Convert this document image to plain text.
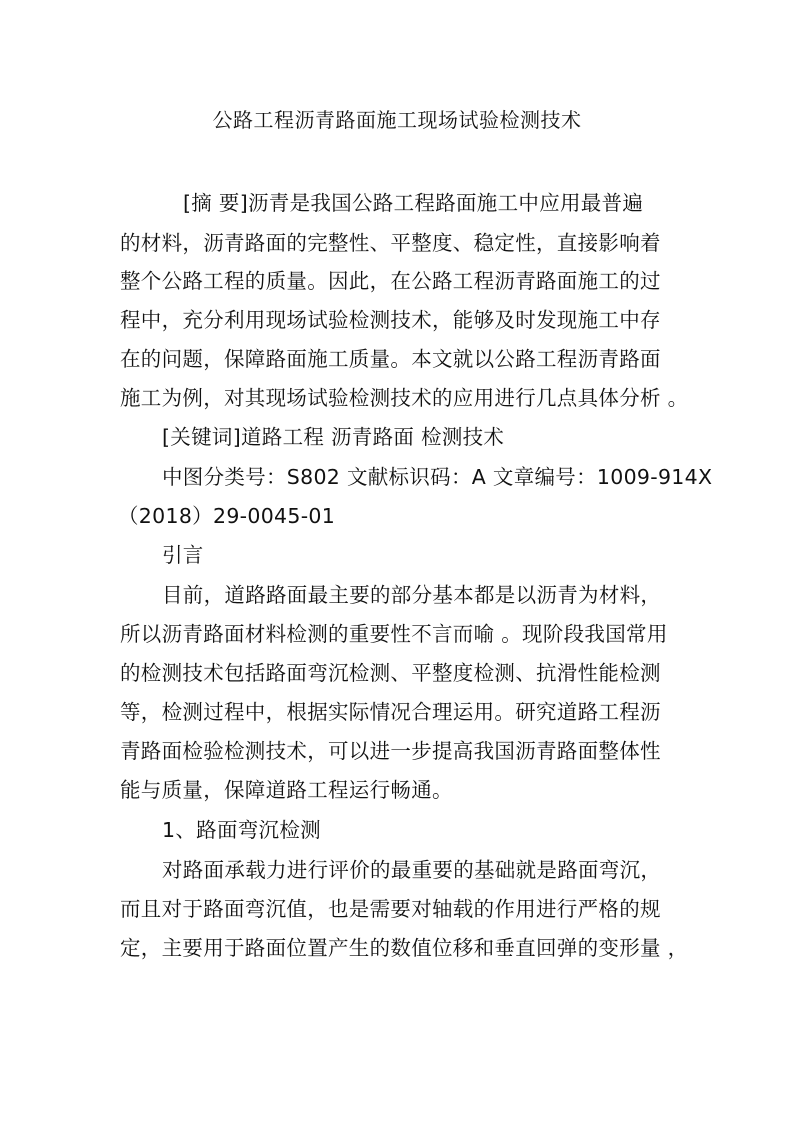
公路工程沥青路面施工现场试验检测技术
[摘 要]沥青是我国公路工程路面施工中应用最普遍
的材料，沥青路面的完整性、平整度、稳定性，直接影响着
整个公路工程的质量。因此，在公路工程沥青路面施工的过
程中，充分利用现场试验检测技术，能够及时发现施工中存
在的问题，保障路面施工质量。本文就以公路工程沥青路面
施工为例，对其现场试验检测技术的应用进行几点具体分析 。
[关键词]道路工程 沥青路面 检测技术
中图分类号：S802 文献标识码：A 文章编号：1009-914X
（2018）29-0045-01
引言
目前，道路路面最主要的部分基本都是以沥青为材料，
所以沥青路面材料检测的重要性不言而喻 。现阶段我国常用
的检测技术包括路面弯沉检测、平整度检测、抗滑性能检测
等，检测过程中，根据实际情况合理运用。研究道路工程沥
青路面检验检测技术，可以进一步提高我国沥青路面整体性
能与质量，保障道路工程运行畅通。
1、路面弯沉检测
对路面承载力进行评价的最重要的基础就是路面弯沉，
而且对于路面弯沉值，也是需要对轴载的作用进行严格的规
定，主要用于路面位置产生的数值位移和垂直回弹的变形量 ，
